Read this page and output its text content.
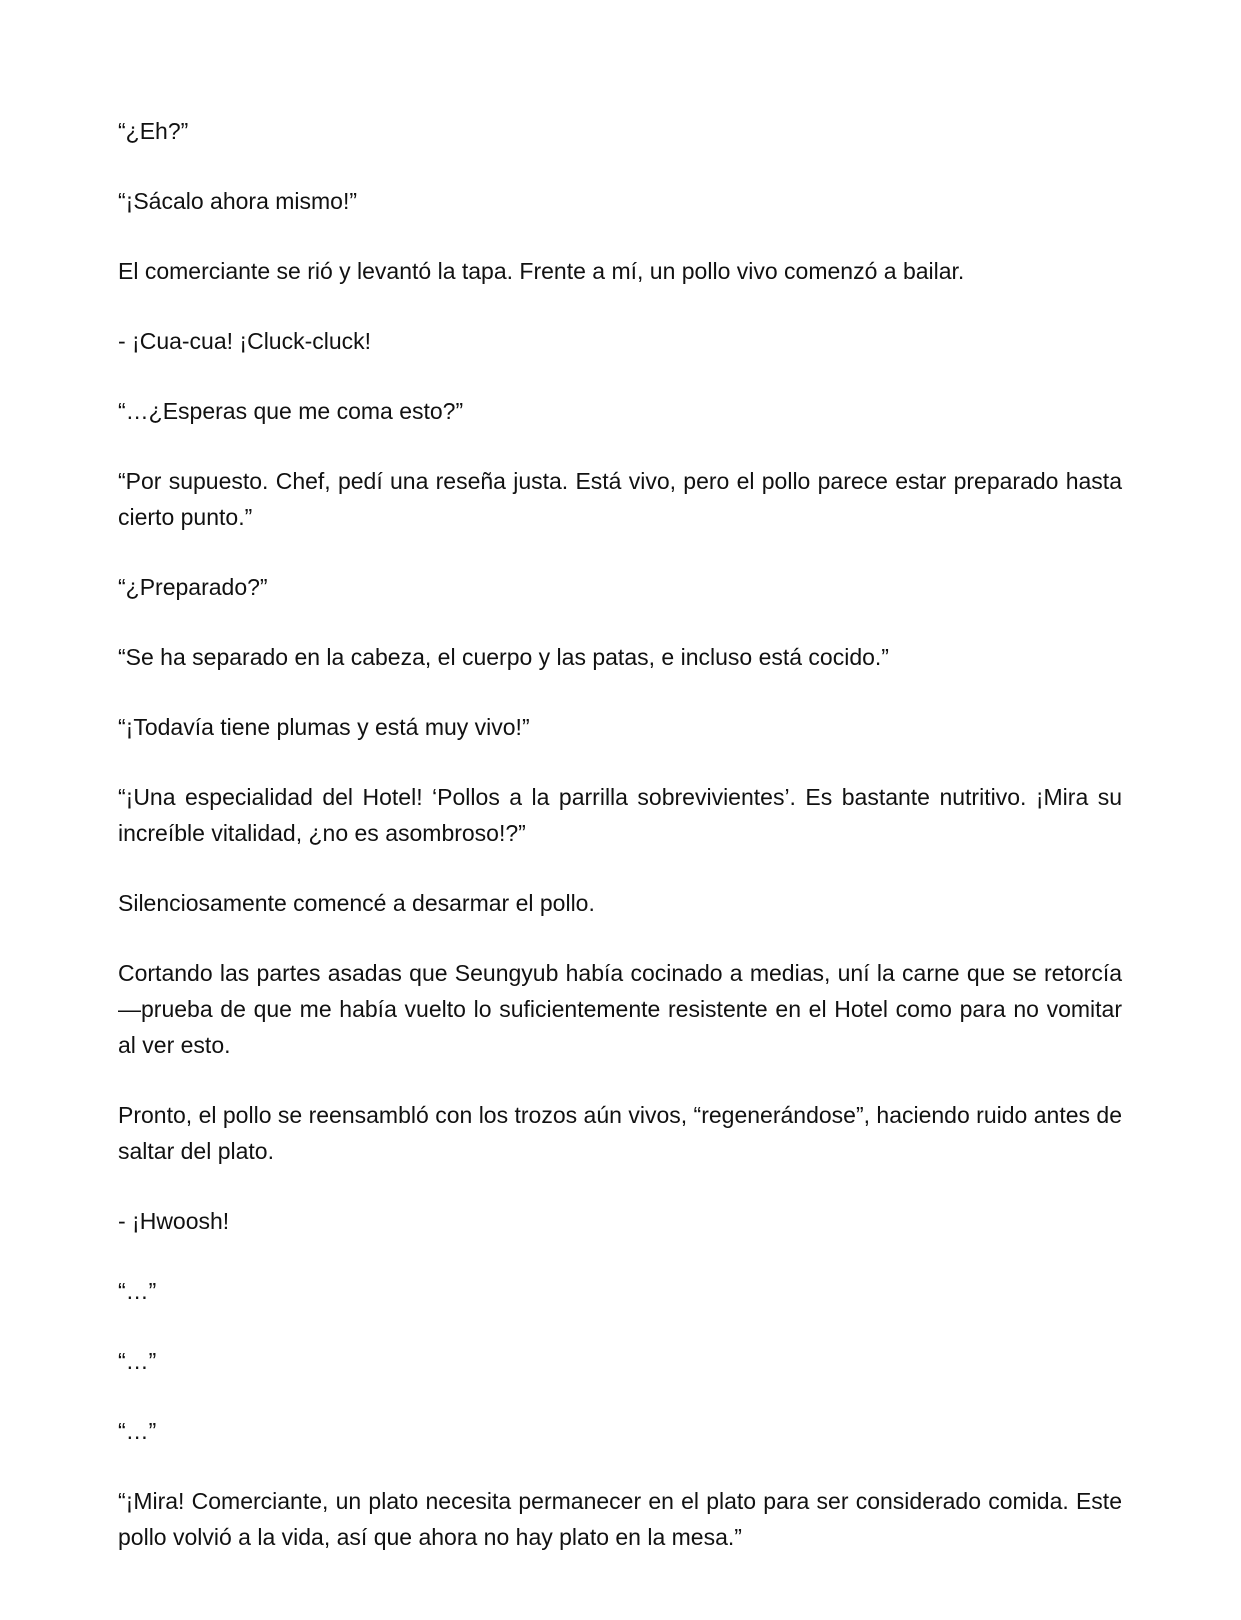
“¿Eh?”

“¡Sácalo ahora mismo!”

El comerciante se rió y levantó la tapa. Frente a mí, un pollo vivo comenzó a bailar.

- ¡Cua-cua! ¡Cluck-cluck!

“…¿Esperas que me coma esto?”

“Por supuesto. Chef, pedí una reseña justa. Está vivo, pero el pollo parece estar preparado hasta cierto punto.”

“¿Preparado?”

“Se ha separado en la cabeza, el cuerpo y las patas, e incluso está cocido.”

“¡Todavía tiene plumas y está muy vivo!”

“¡Una especialidad del Hotel! ‘Pollos a la parrilla sobrevivientes’. Es bastante nutritivo. ¡Mira su increíble vitalidad, ¿no es asombroso!?”

Silenciosamente comencé a desarmar el pollo.

Cortando las partes asadas que Seungyub había cocinado a medias, uní la carne que se retorcía—prueba de que me había vuelto lo suficientemente resistente en el Hotel como para no vomitar al ver esto.

Pronto, el pollo se reensambló con los trozos aún vivos, “regenerándose”, haciendo ruido antes de saltar del plato.

- ¡Hwoosh!

“…”

“…”

“…”

“¡Mira! Comerciante, un plato necesita permanecer en el plato para ser considerado comida. Este pollo volvió a la vida, así que ahora no hay plato en la mesa.”
